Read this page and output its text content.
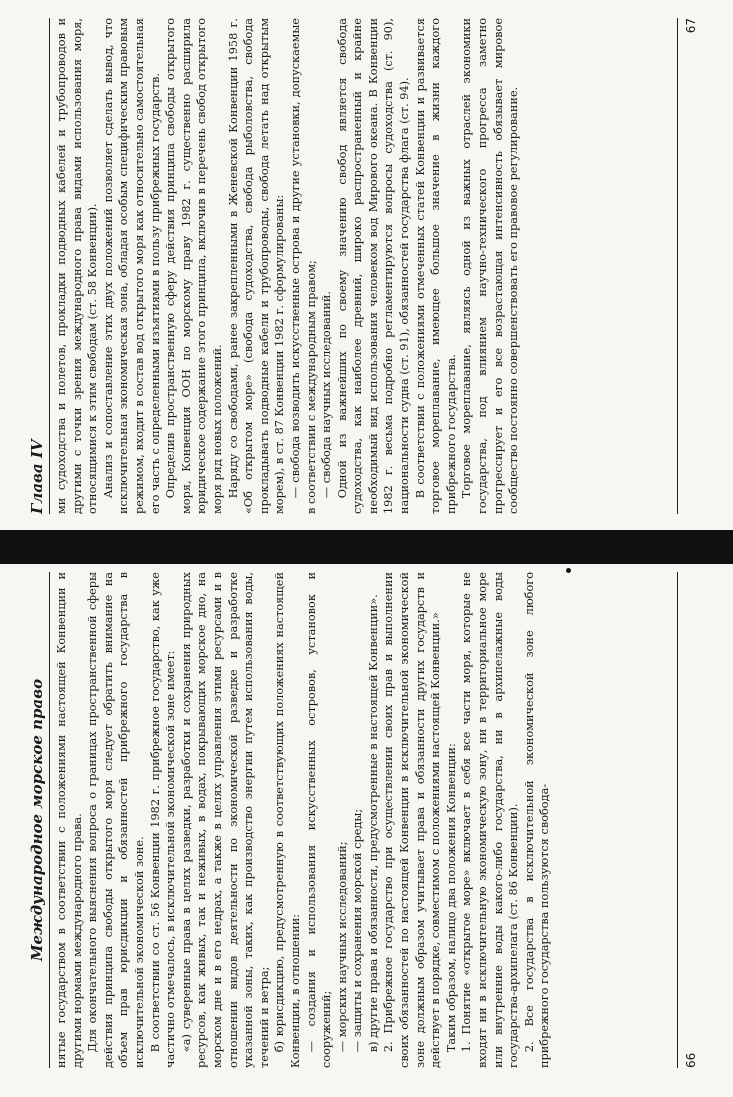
Международное морское право нятые государством в соответствии с положениями настоящей Конвенции и другими нормами международного права. Для окончательного выяснения вопроса о границах пространственной сферы действия принципа свободы открытого моря следует обратить внимание на объем прав юрисдикции и обязанностей прибрежного государства в исключительной экономической зоне. В соответствии со ст. 56 Конвенции 1982 г. прибрежное государство, как уже частично отмечалось, в исключительной экономической зоне имеет: «а) суверенные права в целях разведки, разработки и сохранения природных ресурсов, как живых, так и неживых, в водах, покрывающих морское дно, на морском дне и в его недрах, а также в целях управления этими ресурсами и в отношении видов деятельности по экономической разведке и разработке указанной зоны, таких, как производство энергии путем использования воды, течений и ветра; б) юрисдикцию, предусмотренную в соответствующих положениях настоящей Конвенции, в отношении: — создания и использования искусственных островов, установок и сооружений; — морских научных исследований; — защиты и сохранения морской среды; в) другие права и обязанности, предусмотренные в настоящей Конвенции». 2. Прибрежное государство при осуществлении своих прав и выполнении своих обязанностей по настоящей Конвенции в исключительной экономической зоне должным образом учитывает права и обязанности других государств и действует в порядке, совместимом с положениями настоящей Конвенции.» Таким образом, налицо два положения Конвенции: 1. Понятие «открытое море» включает в себя все части моря, которые не входят ни в исключительную экономическую зону, ни в территориальное море или внутренние воды какого-либо государства, ни в архипелажные воды государства-архипелага (ст. 86 Конвенции). 2. Все государства в исключительной экономической зоне любого прибрежного государства пользуются свобода-	66
Глава IV ми судоходства и полетов, прокладки подводных кабелей и трубопроводов и другими с точки зрения международного права видами использования моря, относящимися к этим свободам (ст. 58 Конвенции). Анализ и сопоставление этих двух положений позволяет сделать вывод, что исключительная экономическая зона, обладая особым специфическим правовым режимом, входит в состав вод открытого моря как относительно самостоятельная его часть с определенными изъятиями в пользу прибрежных государств. Определив пространственную сферу действия принципа свободы открытого моря, Конвенция ООН по морскому праву 1982 г. существенно расширила юридическое содержание этого принципа, включив в перечень свобод открытого моря ряд новых положений. Наряду со свободами, ранее закрепленными в Женевской Конвенции 1958 г. «Об открытом море» (свобода судоходства, свобода рыболовства, свобода прокладывать подводные кабели и трубопроводы, свобода летать над открытым морем), в ст. 87 Конвенции 1982 г. сформулированы: — свобода возводить искусственные острова и другие установки, допускаемые в соответствии с международным правом; — свобода научных исследований. Одной из важнейших по своему значению свобод является свобода судоходства, как наиболее древний, широко распространенный и крайне необходимый вид использования человеком вод Мирового океана. В Конвенции 1982 г. весьма подробно регламентируются вопросы судоходства (ст. 90), национальности судна (ст. 91), обязанностей государства флага (ст. 94). В соответствии с положениями отмеченных статей Конвенции и развивается торговое мореплавание, имеющее большое значение в жизни каждого прибрежного государства. Торговое мореплавание, являясь одной из важных отраслей экономики государства, под влиянием научно-технического прогресса заметно прогрессирует и его все возрастающая интенсивность обязывает мировое сообщество постоянно совершенствовать его правовое регулирование.

67
